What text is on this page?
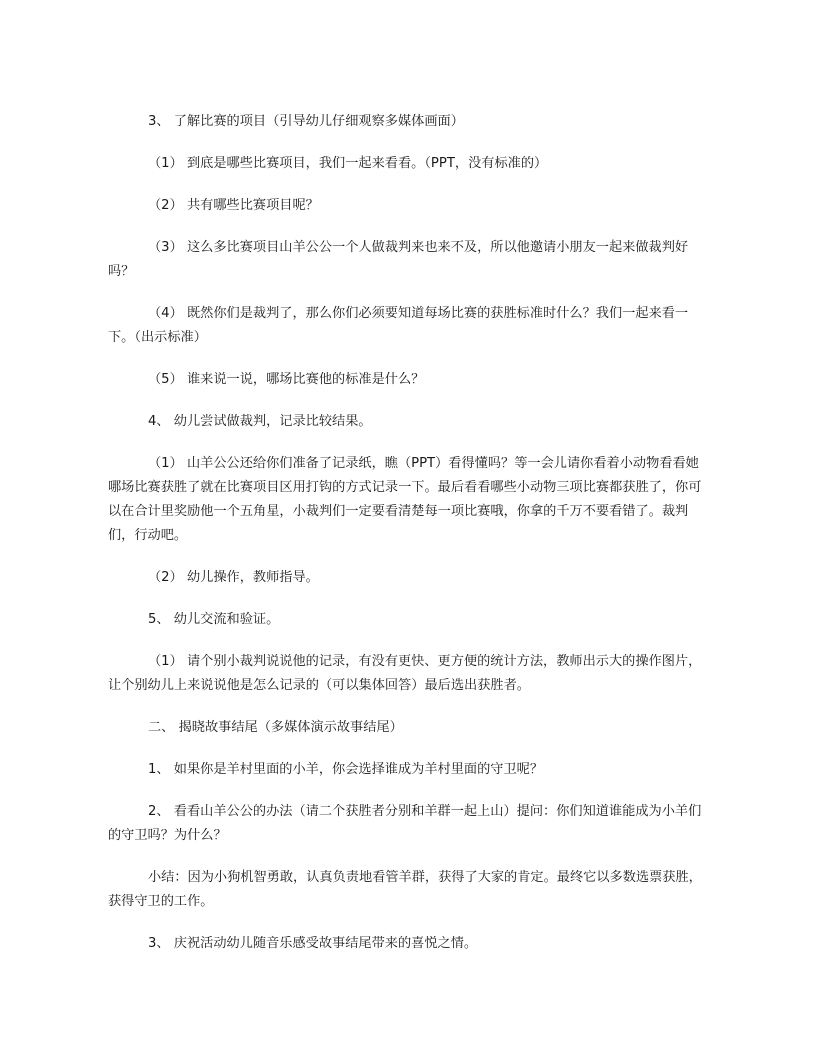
3、 了解比赛的项目（引导幼儿仔细观察多媒体画面）

（1） 到底是哪些比赛项目，我们一起来看看。（PPT，没有标准的）

（2） 共有哪些比赛项目呢？

（3） 这么多比赛项目山羊公公一个人做裁判来也来不及，所以他邀请小朋友一起来做裁判好吗？

（4） 既然你们是裁判了，那么你们必须要知道每场比赛的获胜标准时什么？我们一起来看一下。（出示标准）

（5） 谁来说一说，哪场比赛他的标准是什么？

4、 幼儿尝试做裁判，记录比较结果。

（1） 山羊公公还给你们准备了记录纸，瞧（PPT）看得懂吗？等一会儿请你看着小动物看看她哪场比赛获胜了就在比赛项目区用打钩的方式记录一下。最后看看哪些小动物三项比赛都获胜了，你可以在合计里奖励他一个五角星，小裁判们一定要看清楚每一项比赛哦，你拿的千万不要看错了。裁判们，行动吧。

（2） 幼儿操作，教师指导。

5、 幼儿交流和验证。

（1） 请个别小裁判说说他的记录，有没有更快、更方便的统计方法，教师出示大的操作图片，让个别幼儿上来说说他是怎么记录的（可以集体回答）最后选出获胜者。

二、 揭晓故事结尾（多媒体演示故事结尾）

1、 如果你是羊村里面的小羊，你会选择谁成为羊村里面的守卫呢？

2、 看看山羊公公的办法（请二个获胜者分别和羊群一起上山）提问：你们知道谁能成为小羊们的守卫吗？为什么？

小结：因为小狗机智勇敢，认真负责地看管羊群，获得了大家的肯定。最终它以多数选票获胜，获得守卫的工作。

3、 庆祝活动幼儿随音乐感受故事结尾带来的喜悦之情。
